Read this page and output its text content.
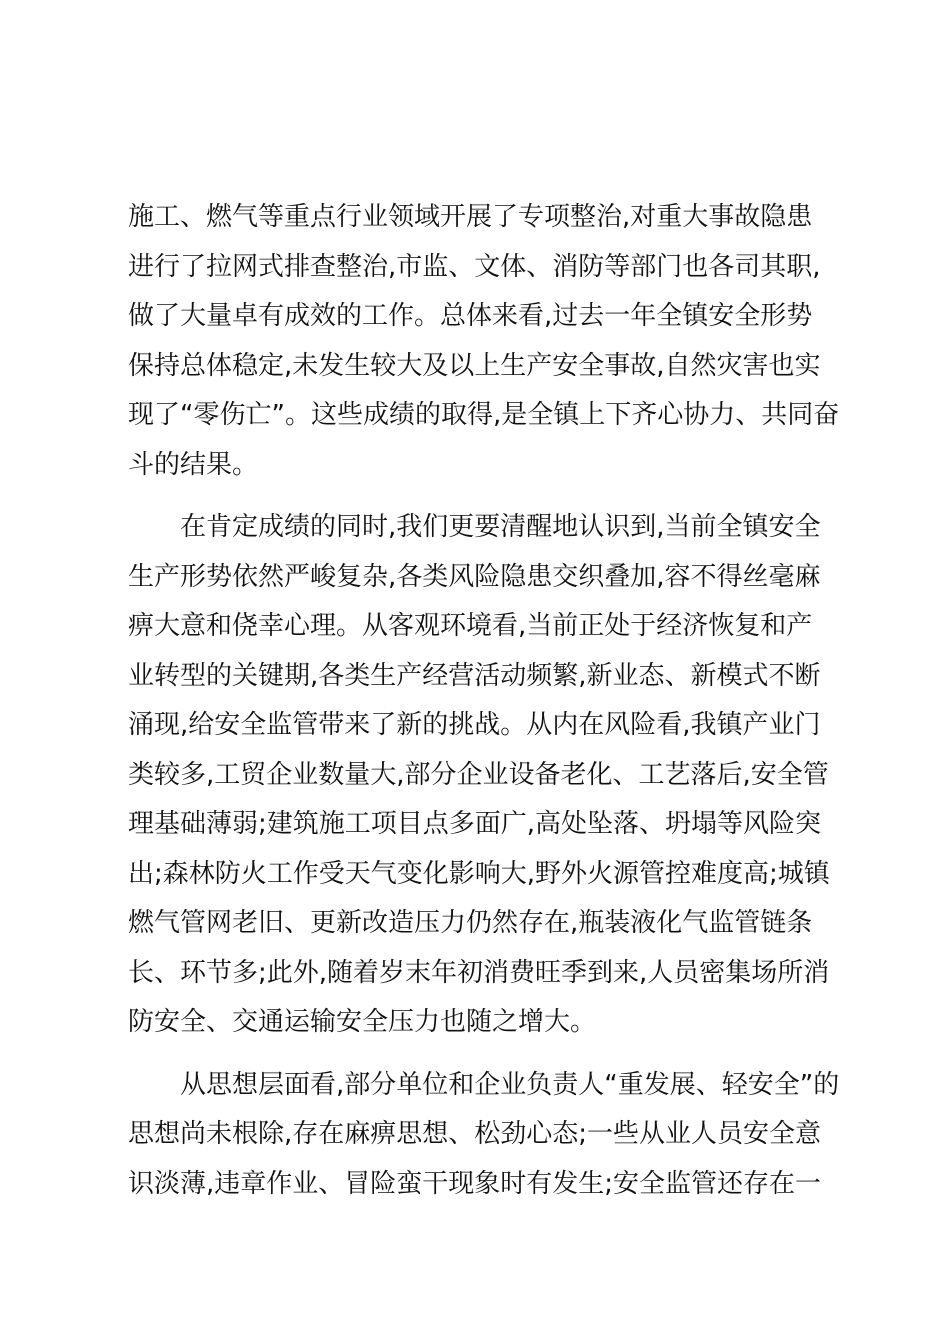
施工、燃气等重点行业领域开展了专项整治,对重大事故隐患
进行了拉网式排查整治,市监、文体、消防等部门也各司其职,
做了大量卓有成效的工作。总体来看,过去一年全镇安全形势
保持总体稳定,未发生较大及以上生产安全事故,自然灾害也实
现了“零伤亡”。这些成绩的取得,是全镇上下齐心协力、共同奋
斗的结果。
在肯定成绩的同时,我们更要清醒地认识到,当前全镇安全
生产形势依然严峻复杂,各类风险隐患交织叠加,容不得丝毫麻
痹大意和侥幸心理。从客观环境看,当前正处于经济恢复和产
业转型的关键期,各类生产经营活动频繁,新业态、新模式不断
涌现,给安全监管带来了新的挑战。从内在风险看,我镇产业门
类较多,工贸企业数量大,部分企业设备老化、工艺落后,安全管
理基础薄弱;建筑施工项目点多面广,高处坠落、坍塌等风险突
出;森林防火工作受天气变化影响大,野外火源管控难度高;城镇
燃气管网老旧、更新改造压力仍然存在,瓶装液化气监管链条
长、环节多;此外,随着岁末年初消费旺季到来,人员密集场所消
防安全、交通运输安全压力也随之增大。
从思想层面看,部分单位和企业负责人“重发展、轻安全”的
思想尚未根除,存在麻痹思想、松劲心态;一些从业人员安全意
识淡薄,违章作业、冒险蛮干现象时有发生;安全监管还存在一
